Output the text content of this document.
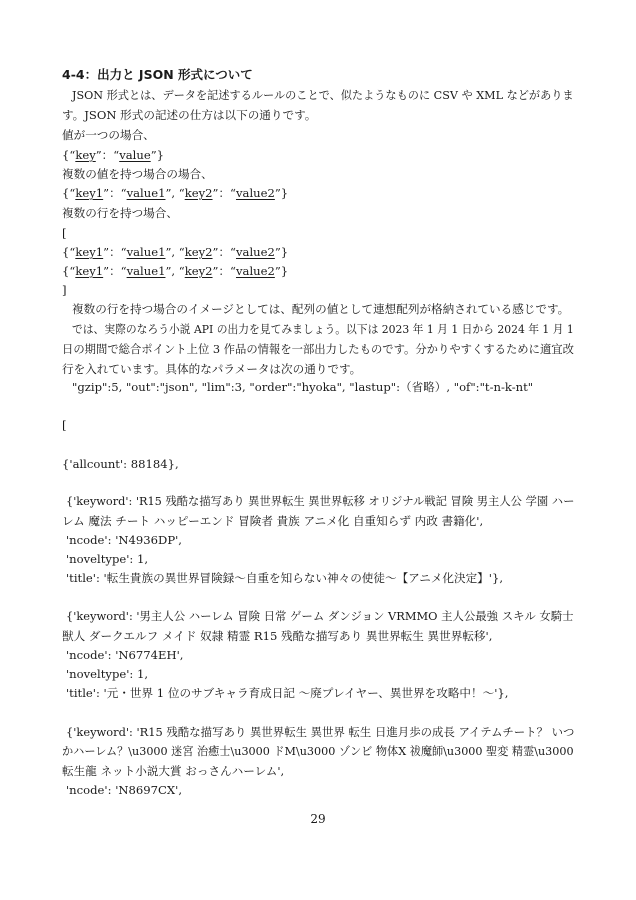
4-4：出力と JSON 形式について
JSON 形式とは、データを記述するルールのことで、似たようなものに CSV や XML などがありま
す。JSON 形式の記述の仕方は以下の通りです。
値が一つの場合、
{“key”：“value”}
複数の値を持つ場合の場合、
{“key1”：“value1”, “key2”：“value2”}
複数の行を持つ場合、
[
{“key1”：“value1”, “key2”：“value2”}
{“key1”：“value1”, “key2”：“value2”}
]
複数の行を持つ場合のイメージとしては、配列の値として連想配列が格納されている感じです。
では、実際のなろう小説 API の出力を見てみましょう。以下は 2023 年 1 月 1 日から 2024 年 1 月 1
日の期間で総合ポイント上位 3 作品の情報を一部出力したものです。分かりやすくするために適宜改
行を入れています。具体的なパラメータは次の通りです。
"gzip":5, "out":"json", "lim":3, "order":"hyoka", "lastup":（省略）, "of":"t-n-k-nt"
[
{'allcount': 88184},
{'keyword': 'R15 残酷な描写あり 異世界転生 異世界転移 オリジナル戦記 冒険 男主人公 学園 ハー
レム 魔法 チート ハッピーエンド 冒険者 貴族 アニメ化 自重知らず 内政 書籍化',
'ncode': 'N4936DP',
'noveltype': 1,
'title': '転生貴族の異世界冒険録～自重を知らない神々の使徒～【アニメ化決定】'},
{'keyword': '男主人公 ハーレム 冒険 日常 ゲーム ダンジョン VRMMO 主人公最強 スキル 女騎士
獣人 ダークエルフ メイド 奴隷 精霊 R15 残酷な描写あり 異世界転生 異世界転移',
'ncode': 'N6774EH',
'noveltype': 1,
'title': '元・世界 1 位のサブキャラ育成日記 ～廃プレイヤー、異世界を攻略中！～'},
{'keyword': 'R15 残酷な描写あり 異世界転生 異世界 転生 日進月歩の成長 アイテムチート？ いつ
かハーレム？\u3000 迷宮 治癒士\u3000 ドM\u3000 ゾンビ 物体X 祓魔師\u3000 聖変 精霊\u3000
転生龍 ネット小説大賞 おっさんハーレム',
'ncode': 'N8697CX',
29
